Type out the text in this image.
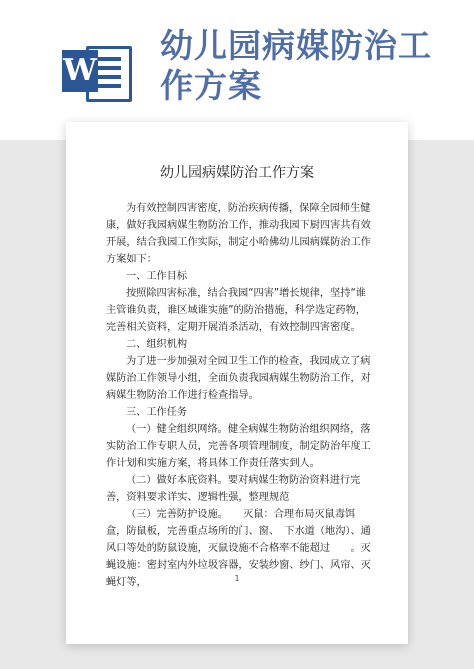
W
幼儿园病媒防治工作方案
幼儿园病媒防治工作方案

为有效控制四害密度，防治疾病传播，保障全园师生健康，做好我园病媒生物防治工作，推动我园下厨四害共有效开展，结合我园工作实际，制定小哈佛幼儿园病媒防治工作方案如下：

一、工作目标

按照除四害标准，结合我园“四害”增长规律，坚持“谁主管谁负责，谁区域谁实施”的防治措施，科学选定药物，完善相关资料，定期开展消杀活动，有效控制四害密度。

二、组织机构

为了进一步加强对全园卫生工作的检查，我园成立了病媒防治工作领导小组，全面负责我园病媒生物防治工作，对病媒生物防治工作进行检查指导。

三、工作任务

（一）健全组织网络。健全病媒生物防治组织网络，落实防治工作专职人员，完善各项管理制度，制定防治年度工作计划和实施方案，将具体工作责任落实到人。

（二）做好本底资料。要对病媒生物防治资料进行完善，资料要求详实、逻辑性强，整理规范

（三）完善防护设施。　　灭鼠：合理布局灭鼠毒饵盒，防鼠板，完善重点场所的门、窗、　下水道（地沟）、通风口等处的防鼠设施，灭鼠设施不合格率不能超过　　。灭蝇设施：密封室内外垃圾容器，安装纱窗、纱门、风帘、灭蝇灯等，	1
